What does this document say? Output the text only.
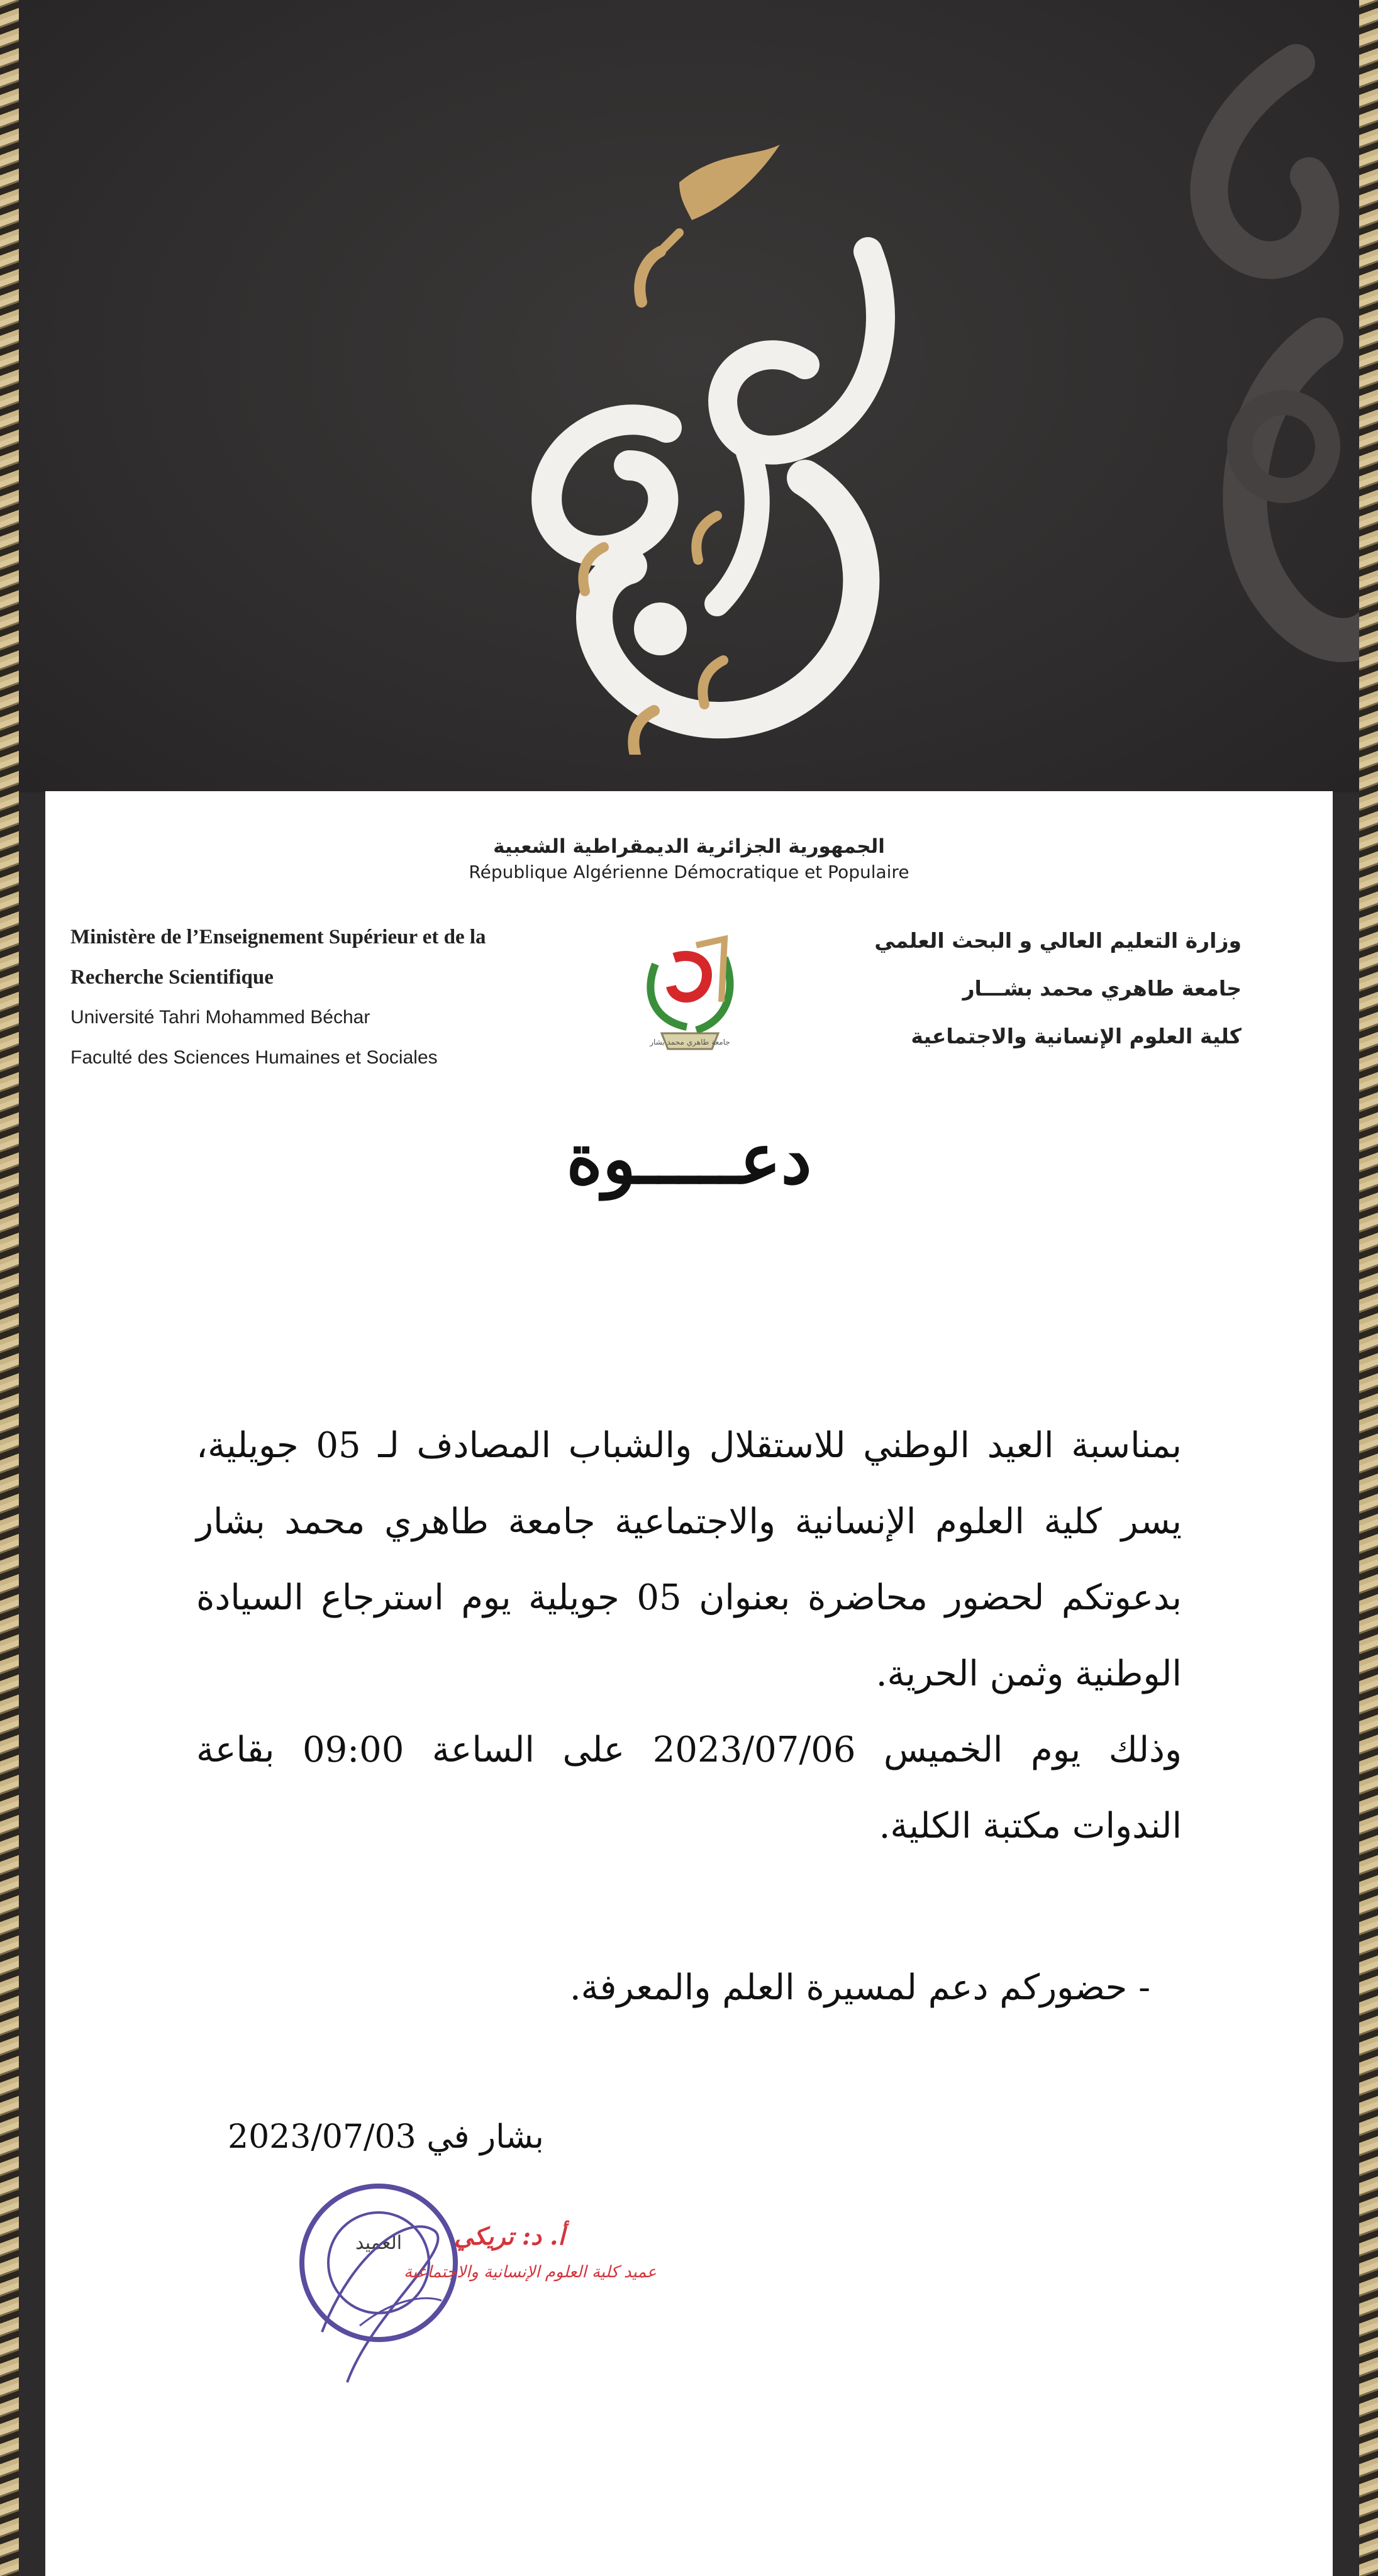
الجمهورية الجزائرية الديمقراطية الشعبية
République Algérienne Démocratique et Populaire
Ministère de l’Enseignement Supérieur et de la
Recherche Scientifique
Université Tahri Mohammed Béchar
Faculté des Sciences Humaines et Sociales
وزارة التعليم العالي و البحث العلمي
جامعة طاهري محمد بشـــار
كلية العلوم الإنسانية والاجتماعية
جامعة طاهري محمد بشار
دعـــــوة
بمناسبة العيد الوطني للاستقلال والشباب المصادف لـ 05 جويلية، يسر كلية العلوم الإنسانية والاجتماعية جامعة طاهري محمد بشار بدعوتكم لحضور محاضرة بعنوان 05 جويلية يوم استرجاع السيادة الوطنية وثمن الحرية.
وذلك يوم الخميس 2023/07/06 على الساعة 09:00 بقاعة الندوات مكتبة الكلية.
- حضوركم دعم لمسيرة العلم والمعرفة.
بشار في 2023/07/03
العميد أ. د: تريكي
عميد كلية العلوم الإنسانية والاجتماعية
